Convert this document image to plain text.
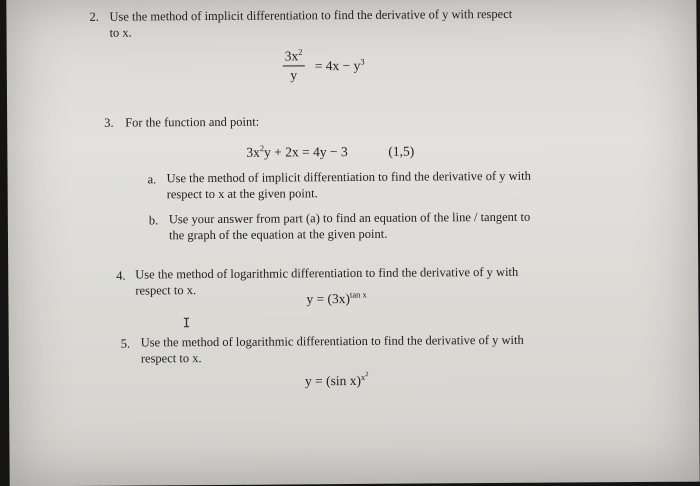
2. Use the method of implicit differentiation to find the derivative of y with respect
to x.
$3x^2$
y
= $4x - y^3$
3. For the function and point:
$3x^2y + 2x = 4y - 3$	(1,5)
a. Use the method of implicit differentiation to find the derivative of y with
respect to x at the given point.
b. Use your answer from part (a) to find an equation of the line / tangent to
the graph of the equation at the given point.
4. Use the method of logarithmic differentiation to find the derivative of y with
respect to x.
$y = (3x)^{tan x}$
I
5. Use the method of logarithmic differentiation to find the derivative of y with
respect to x.
y = (sin x)$^{x^2}$
